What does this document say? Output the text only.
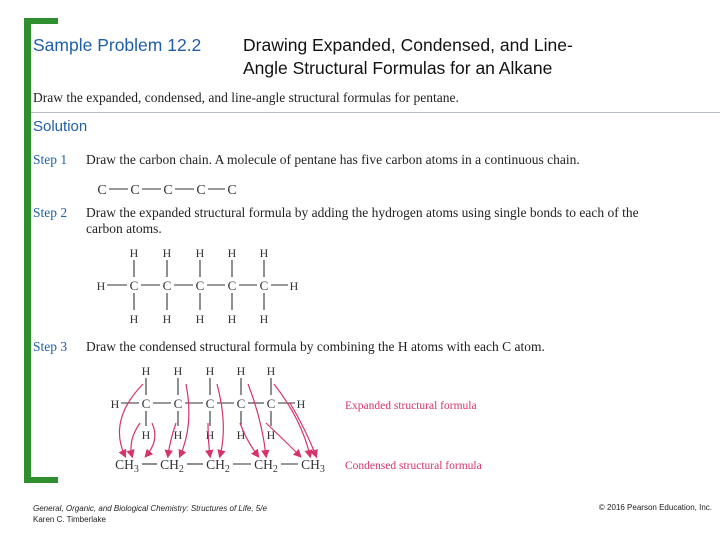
Sample Problem 12.2 Drawing Expanded, Condensed, and Line-
Angle Structural Formulas for an Alkane
Draw the expanded, condensed, and line-angle structural formulas for pentane.
Solution
Step 1 Draw the carbon chain. A molecule of pentane has five carbon atoms in a continuous chain.
Step 2 Draw the expanded structural formula by adding the hydrogen atoms using single bonds to each of the carbon atoms.
Step 3 Draw the condensed structural formula by combining the H atoms with each C atom.
C C C C C
C
H
H
C
H
H
C
H
H
C
H
H
C
H
H
H	H
C
H
H
C
H
H
C
H
H
C
H
H
C
H
H
H	H
$CH_3$ $CH_2$ $CH_2$ $CH_2$ $CH_3$
Expanded structural formula
Condensed structural formula
General, Organic, and Biological Chemistry: Structures of Life, 5/e
Karen C. Timberlake
© 2016 Pearson Education, Inc.
